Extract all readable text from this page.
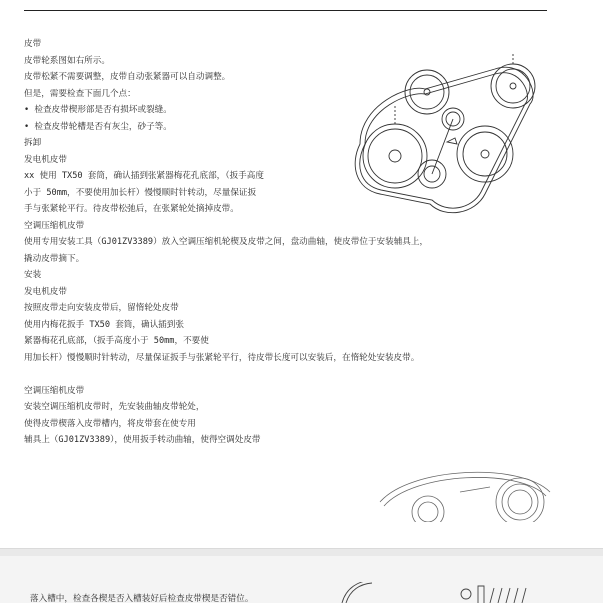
皮带
皮带轮系图如右所示。
皮带松紧不需要调整，皮带自动张紧器可以自动调整。
但是，需要检查下面几个点：
• 检查皮带楔形部是否有损坏或裂缝。
• 检查皮带轮槽是否有灰尘，砂子等。
拆卸
发电机皮带
xx 使用 TX50 套筒，确认插到张紧器梅花孔底部，（扳手高度
小于 50mm，不要使用加长杆）慢慢顺时针转动，尽量保证扳
手与张紧轮平行。待皮带松弛后，在张紧轮处摘掉皮带。
空调压缩机皮带
使用专用安装工具（GJ01ZV3389）放入空调压缩机轮楔及皮带之间，盘动曲轴，使皮带位于安装辅具上，
撬动皮带摘下。
安装
发电机皮带
按照皮带走向安装皮带后，留惰轮处皮带
使用内梅花扳手 TX50 套筒，确认插到张
紧器梅花孔底部，（扳手高度小于 50mm，不要使
用加长杆）慢慢顺时针转动，尽量保证扳手与张紧轮平行，待皮带长度可以安装后，在惰轮处安装皮带。
空调压缩机皮带
安装空调压缩机皮带时，先安装曲轴皮带轮处，
使得皮带楔落入皮带槽内，将皮带套在使专用
辅具上（GJ01ZV3389），使用扳手转动曲轴，使得空调处皮带
落入槽中，检查各楔是否入槽装好后检查皮带楔是否错位。
